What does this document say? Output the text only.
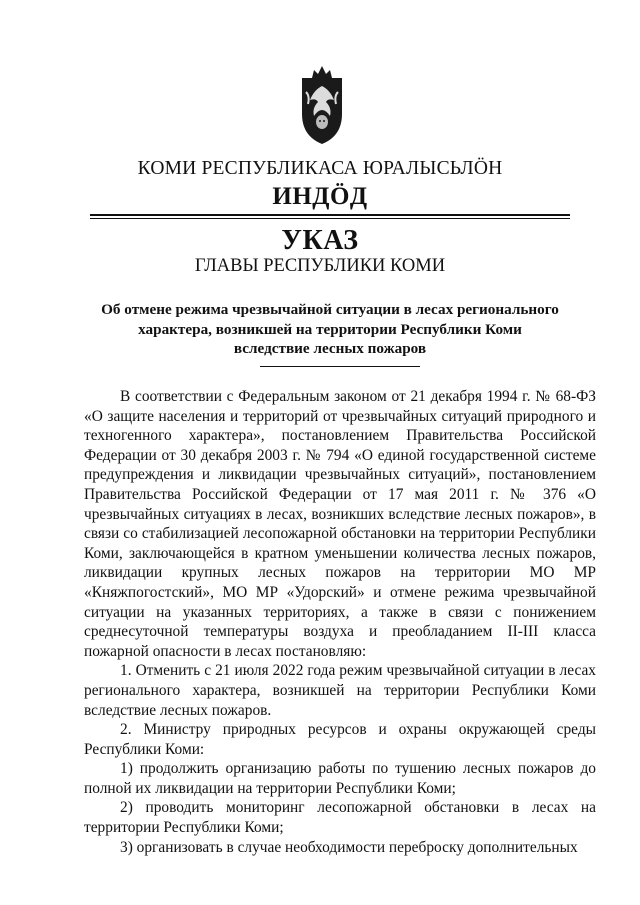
КОМИ РЕСПУБЛИКАСА ЮРАЛЫСЬЛÖН
ИНДÖД
УКАЗ
ГЛАВЫ РЕСПУБЛИКИ КОМИ
Об отмене режима чрезвычайной ситуации в лесах регионального
характера, возникшей на территории Республики Коми
вследствие лесных пожаров

В соответствии с Федеральным законом от 21 декабря 1994 г. № 68-ФЗ «О защите населения и территорий от чрезвычайных ситуаций природного и техногенного характера», постановлением Правительства Российской Федерации от 30 декабря 2003 г. № 794 «О единой государственной системе предупреждения и ликвидации чрезвычайных ситуаций», постановлением Правительства Российской Федерации от 17 мая 2011 г. № 376 «О чрезвычайных ситуациях в лесах, возникших вследствие лесных пожаров», в связи со стабилизацией лесопожарной обстановки на территории Республики Коми, заключающейся в кратном уменьшении количества лесных пожаров, ликвидации крупных лесных пожаров на территории МО МР «Княжпогостский», МО МР «Удорский» и отмене режима чрезвычайной ситуации на указанных территориях, а также в связи с понижением среднесуточной температуры воздуха и преобладанием II-III класса пожарной опасности в лесах постановляю:

1. Отменить с 21 июля 2022 года режим чрезвычайной ситуации в лесах регионального характера, возникшей на территории Республики Коми вследствие лесных пожаров.

2. Министру природных ресурсов и охраны окружающей среды Республики Коми:

1) продолжить организацию работы по тушению лесных пожаров до полной их ликвидации на территории Республики Коми;

2) проводить мониторинг лесопожарной обстановки в лесах на территории Республики Коми;

3) организовать в случае необходимости переброску дополнительных
